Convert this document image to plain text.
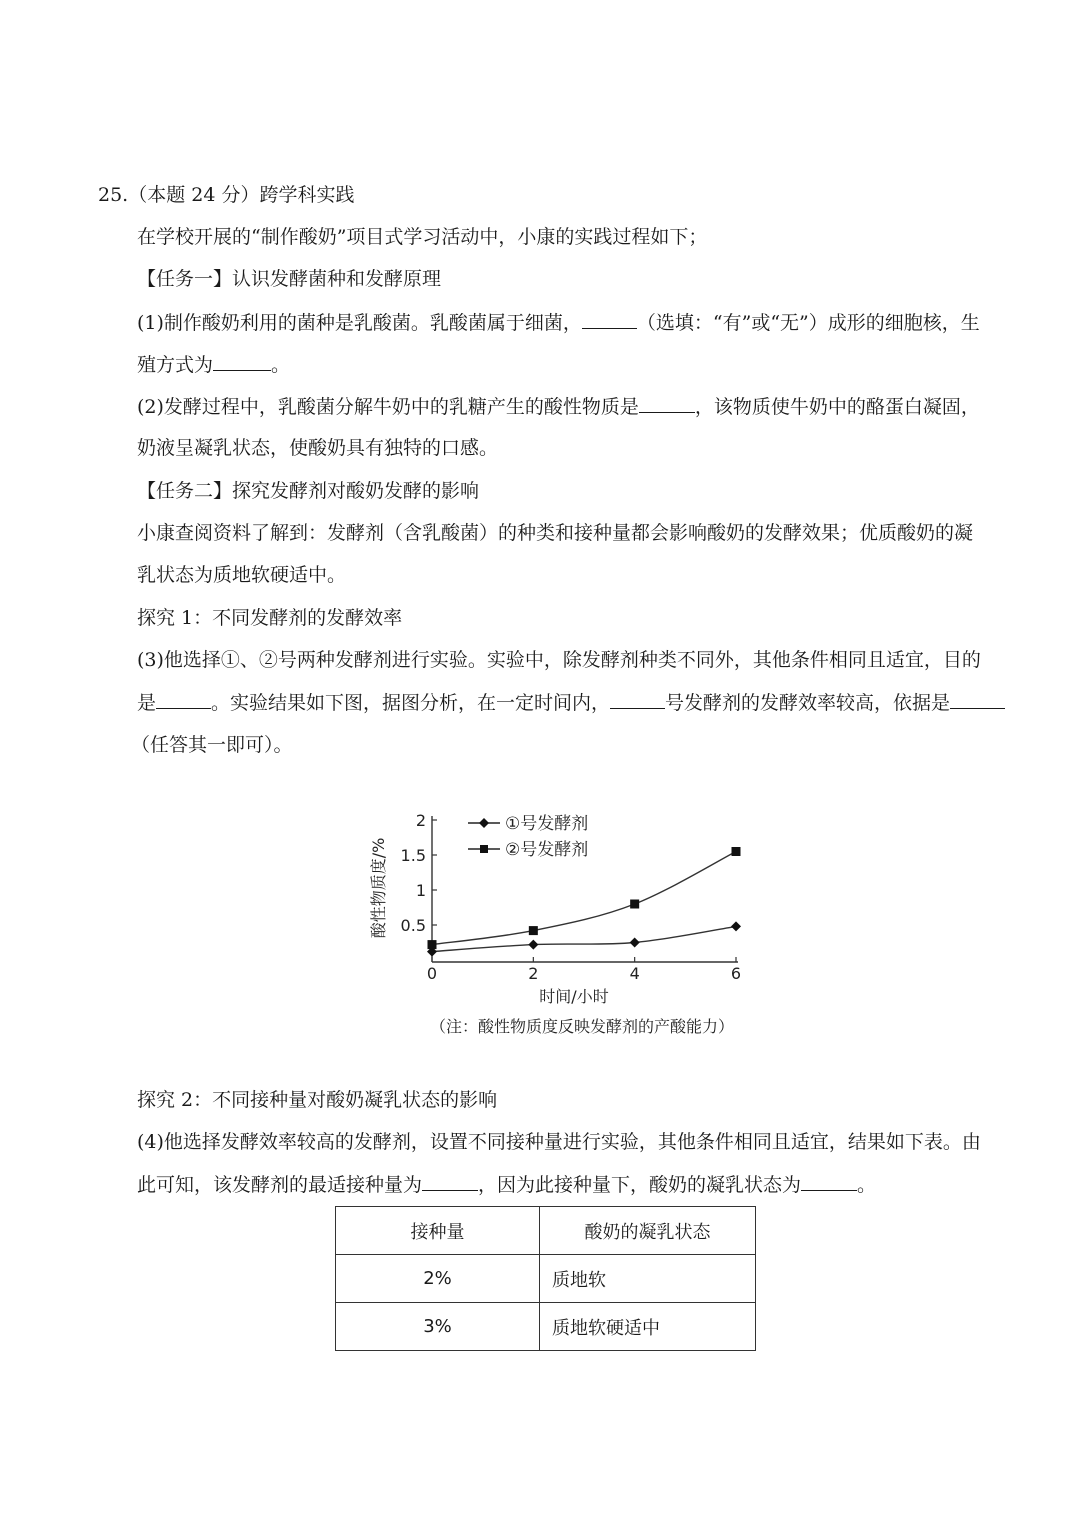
25.（本题 24 分）跨学科实践
在学校开展的“制作酸奶”项目式学习活动中，小康的实践过程如下；
【任务一】认识发酵菌种和发酵原理
(1)制作酸奶利用的菌种是乳酸菌。乳酸菌属于细菌，	（选填：“有”或“无”）成形的细胞核，生
殖方式为	。
(2)发酵过程中，乳酸菌分解牛奶中的乳糖产生的酸性物质是	，该物质使牛奶中的酪蛋白凝固，
奶液呈凝乳状态，使酸奶具有独特的口感。
【任务二】探究发酵剂对酸奶发酵的影响
小康查阅资料了解到：发酵剂（含乳酸菌）的种类和接种量都会影响酸奶的发酵效果；优质酸奶的凝
乳状态为质地软硬适中。
探究 1：不同发酵剂的发酵效率
(3)他选择①、②号两种发酵剂进行实验。实验中，除发酵剂种类不同外，其他条件相同且适宜，目的
是	。实验结果如下图，据图分析，在一定时间内，	号发酵剂的发酵效率较高，依据是
（任答其一即可）。
0.5
1
1.5
2
0	2	4	6
①号发酵剂
②号发酵剂
酸性物质度/%
时间/小时
（注：酸性物质度反映发酵剂的产酸能力）
探究 2：不同接种量对酸奶凝乳状态的影响
(4)他选择发酵效率较高的发酵剂，设置不同接种量进行实验，其他条件相同且适宜，结果如下表。由
此可知，该发酵剂的最适接种量为	，因为此接种量下，酸奶的凝乳状态为	。
接种量	酸奶的凝乳状态
2%	质地软
3%	质地软硬适中
